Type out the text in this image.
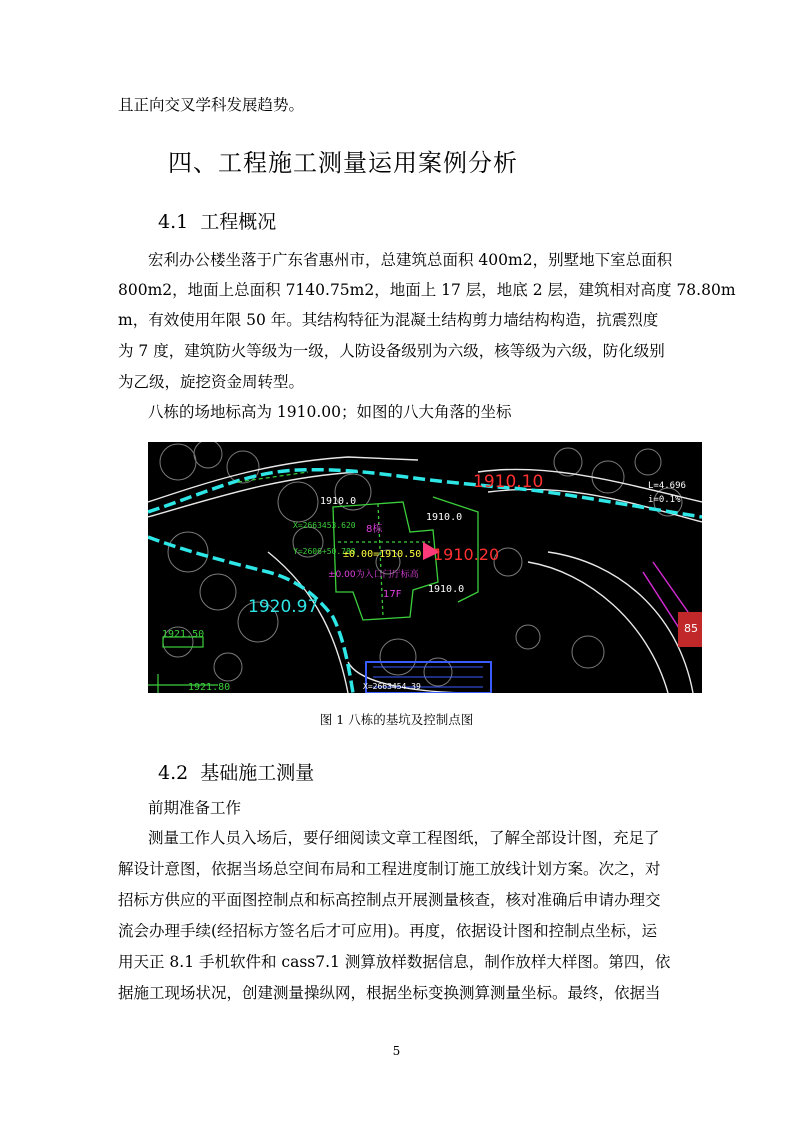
且正向交叉学科发展趋势。
四、工程施工测量运用案例分析
4.1 工程概况
宏利办公楼坐落于广东省惠州市，总建筑总面积 400m2，别墅地下室总面积
800m2，地面上总面积 7140.75m2，地面上 17 层，地底 2 层，建筑相对高度 78.80m
m，有效使用年限 50 年。其结构特征为混凝土结构剪力墙结构构造，抗震烈度
为 7 度，建筑防火等级为一级，人防设备级别为六级，核等级为六级，防化级别
为乙级，旋挖资金周转型。
八栋的场地标高为 1910.00；如图的八大角落的坐标
1910.10	L=4.696
i=0.1%
1910.0
1910.0
1910.0
X=2663453.620
Y=2606+50.788
X=2663454.39
8栋
±0.00=1910.50 1910.20
±0.00为入口门厅标高
17F
1920.97
1921.50
1921.80
85
图 1 八栋的基坑及控制点图
4.2 基础施工测量
前期准备工作
测量工作人员入场后，要仔细阅读文章工程图纸，了解全部设计图，充足了
解设计意图，依据当场总空间布局和工程进度制订施工放线计划方案。次之，对
招标方供应的平面图控制点和标高控制点开展测量核查，核对准确后申请办理交
流会办理手续(经招标方签名后才可应用)。再度，依据设计图和控制点坐标，运
用天正 8.1 手机软件和 cass7.1 测算放样数据信息，制作放样大样图。第四，依
据施工现场状况，创建测量操纵网，根据坐标变换测算测量坐标。最终，依据当
5
